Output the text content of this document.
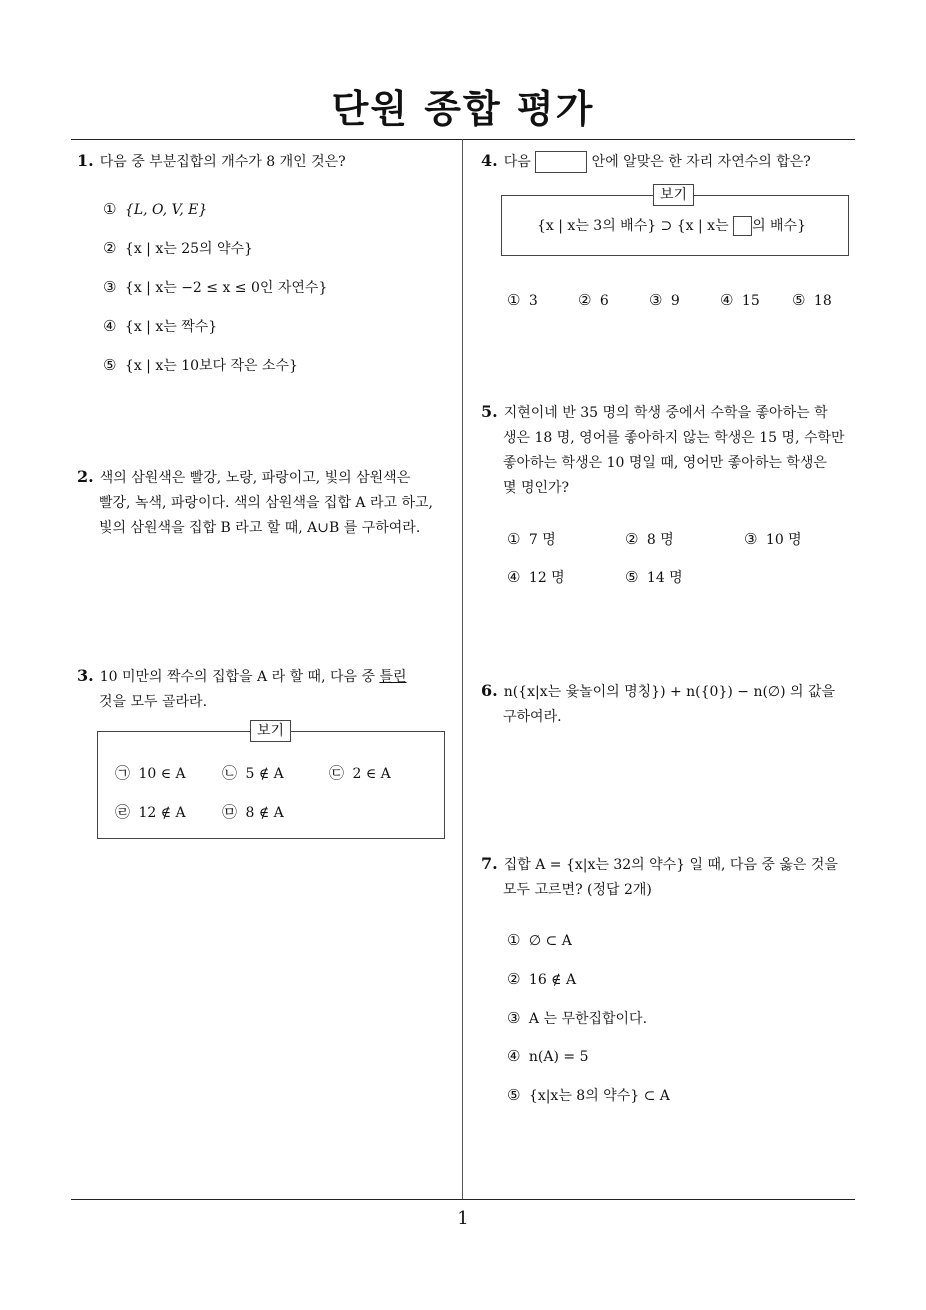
단원 종합 평가
1. 다음 중 부분집합의 개수가 8 개인 것은?
① {L, O, V, E}
② {x | x는 25의 약수}
③ {x | x는 −2 ≤ x ≤ 0인 자연수}
④ {x | x는 짝수}
⑤ {x | x는 10보다 작은 소수}
2. 색의 삼원색은 빨강, 노랑, 파랑이고, 빛의 삼원색은
빨강, 녹색, 파랑이다. 색의 삼원색을 집합 A 라고 하고,
빛의 삼원색을 집합 B 라고 할 때, A∪B 를 구하여라.
3. 10 미만의 짝수의 집합을 A 라 할 때, 다음 중 틀린
것을 모두 골라라.
보기
㉠ 10 ∈ A ㉡ 5 ∉ A	㉢ 2 ∈ A
㉣ 12 ∉ A ㉤ 8 ∉ A
4. 다음	안에 알맞은 한 자리 자연수의 합은?
보기
{x | x는 3의 배수} ⊃ {x | x는 의 배수}
① 3	② 6	③ 9	④ 15 ⑤ 18
5. 지현이네 반 35 명의 학생 중에서 수학을 좋아하는 학
생은 18 명, 영어를 좋아하지 않는 학생은 15 명, 수학만
좋아하는 학생은 10 명일 때, 영어만 좋아하는 학생은
몇 명인가?
① 7 명	② 8 명	③ 10 명
④ 12 명	⑤ 14 명
6. n({x|x는 윷놀이의 명칭}) + n({0}) − n(∅) 의 값을
구하여라.
7. 집합 A = {x|x는 32의 약수} 일 때, 다음 중 옳은 것을
모두 고르면? (정답 2개)
① ∅ ⊂ A
② 16 ∉ A
③ A 는 무한집합이다.
④ n(A) = 5
⑤ {x|x는 8의 약수} ⊂ A
1
